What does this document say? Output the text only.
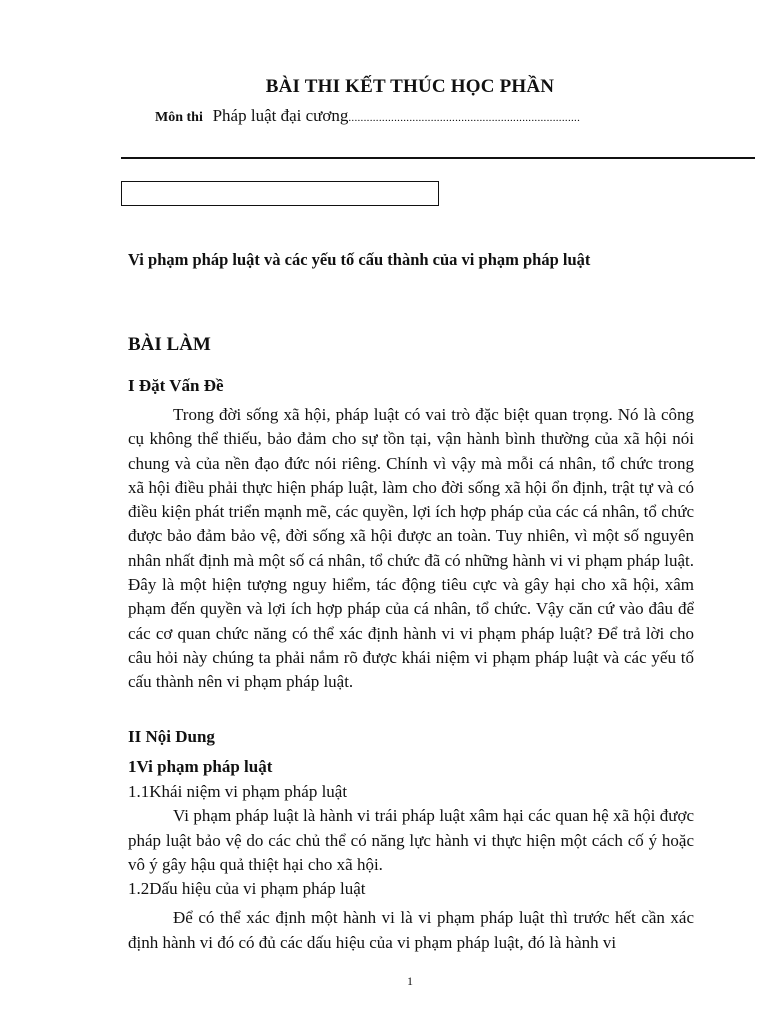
BÀI THI KẾT THÚC HỌC PHẦN
Môn thi Pháp luật đại cương............................................................................
Vi phạm pháp luật và các yếu tố cấu thành của vi phạm pháp luật
BÀI LÀM
I Đặt Vấn Đề

Trong đời sống xã hội, pháp luật có vai trò đặc biệt quan trọng. Nó là công cụ không thể thiếu, bảo đảm cho sự tồn tại, vận hành bình thường của xã hội nói chung và của nền đạo đức nói riêng. Chính vì vậy mà mỗi cá nhân, tổ chức trong xã hội điều phải thực hiện pháp luật, làm cho đời sống xã hội ổn định, trật tự và có điều kiện phát triển mạnh mẽ, các quyền, lợi ích hợp pháp của các cá nhân, tổ chức được bảo đảm bảo vệ, đời sống xã hội được an toàn. Tuy nhiên, vì một số nguyên nhân nhất định mà một số cá nhân, tổ chức đã có những hành vi vi phạm pháp luật. Đây là một hiện tượng nguy hiểm, tác động tiêu cực và gây hại cho xã hội, xâm phạm đến quyền và lợi ích hợp pháp của cá nhân, tổ chức. Vậy căn cứ vào đâu để các cơ quan chức năng có thể xác định hành vi vi phạm pháp luật? Để trả lời cho câu hỏi này chúng ta phải nắm rõ được khái niệm vi phạm pháp luật và các yếu tố cấu thành nên vi phạm pháp luật.

II Nội Dung
1Vi phạm pháp luật

1.1Khái niệm vi phạm pháp luật

Vi phạm pháp luật là hành vi trái pháp luật xâm hại các quan hệ xã hội được pháp luật bảo vệ do các chủ thể có năng lực hành vi thực hiện một cách cố ý hoặc vô ý gây hậu quả thiệt hại cho xã hội.

1.2Dấu hiệu của vi phạm pháp luật

Để có thể xác định một hành vi là vi phạm pháp luật thì trước hết cần xác định hành vi đó có đủ các dấu hiệu của vi phạm pháp luật, đó là hành vi

1
